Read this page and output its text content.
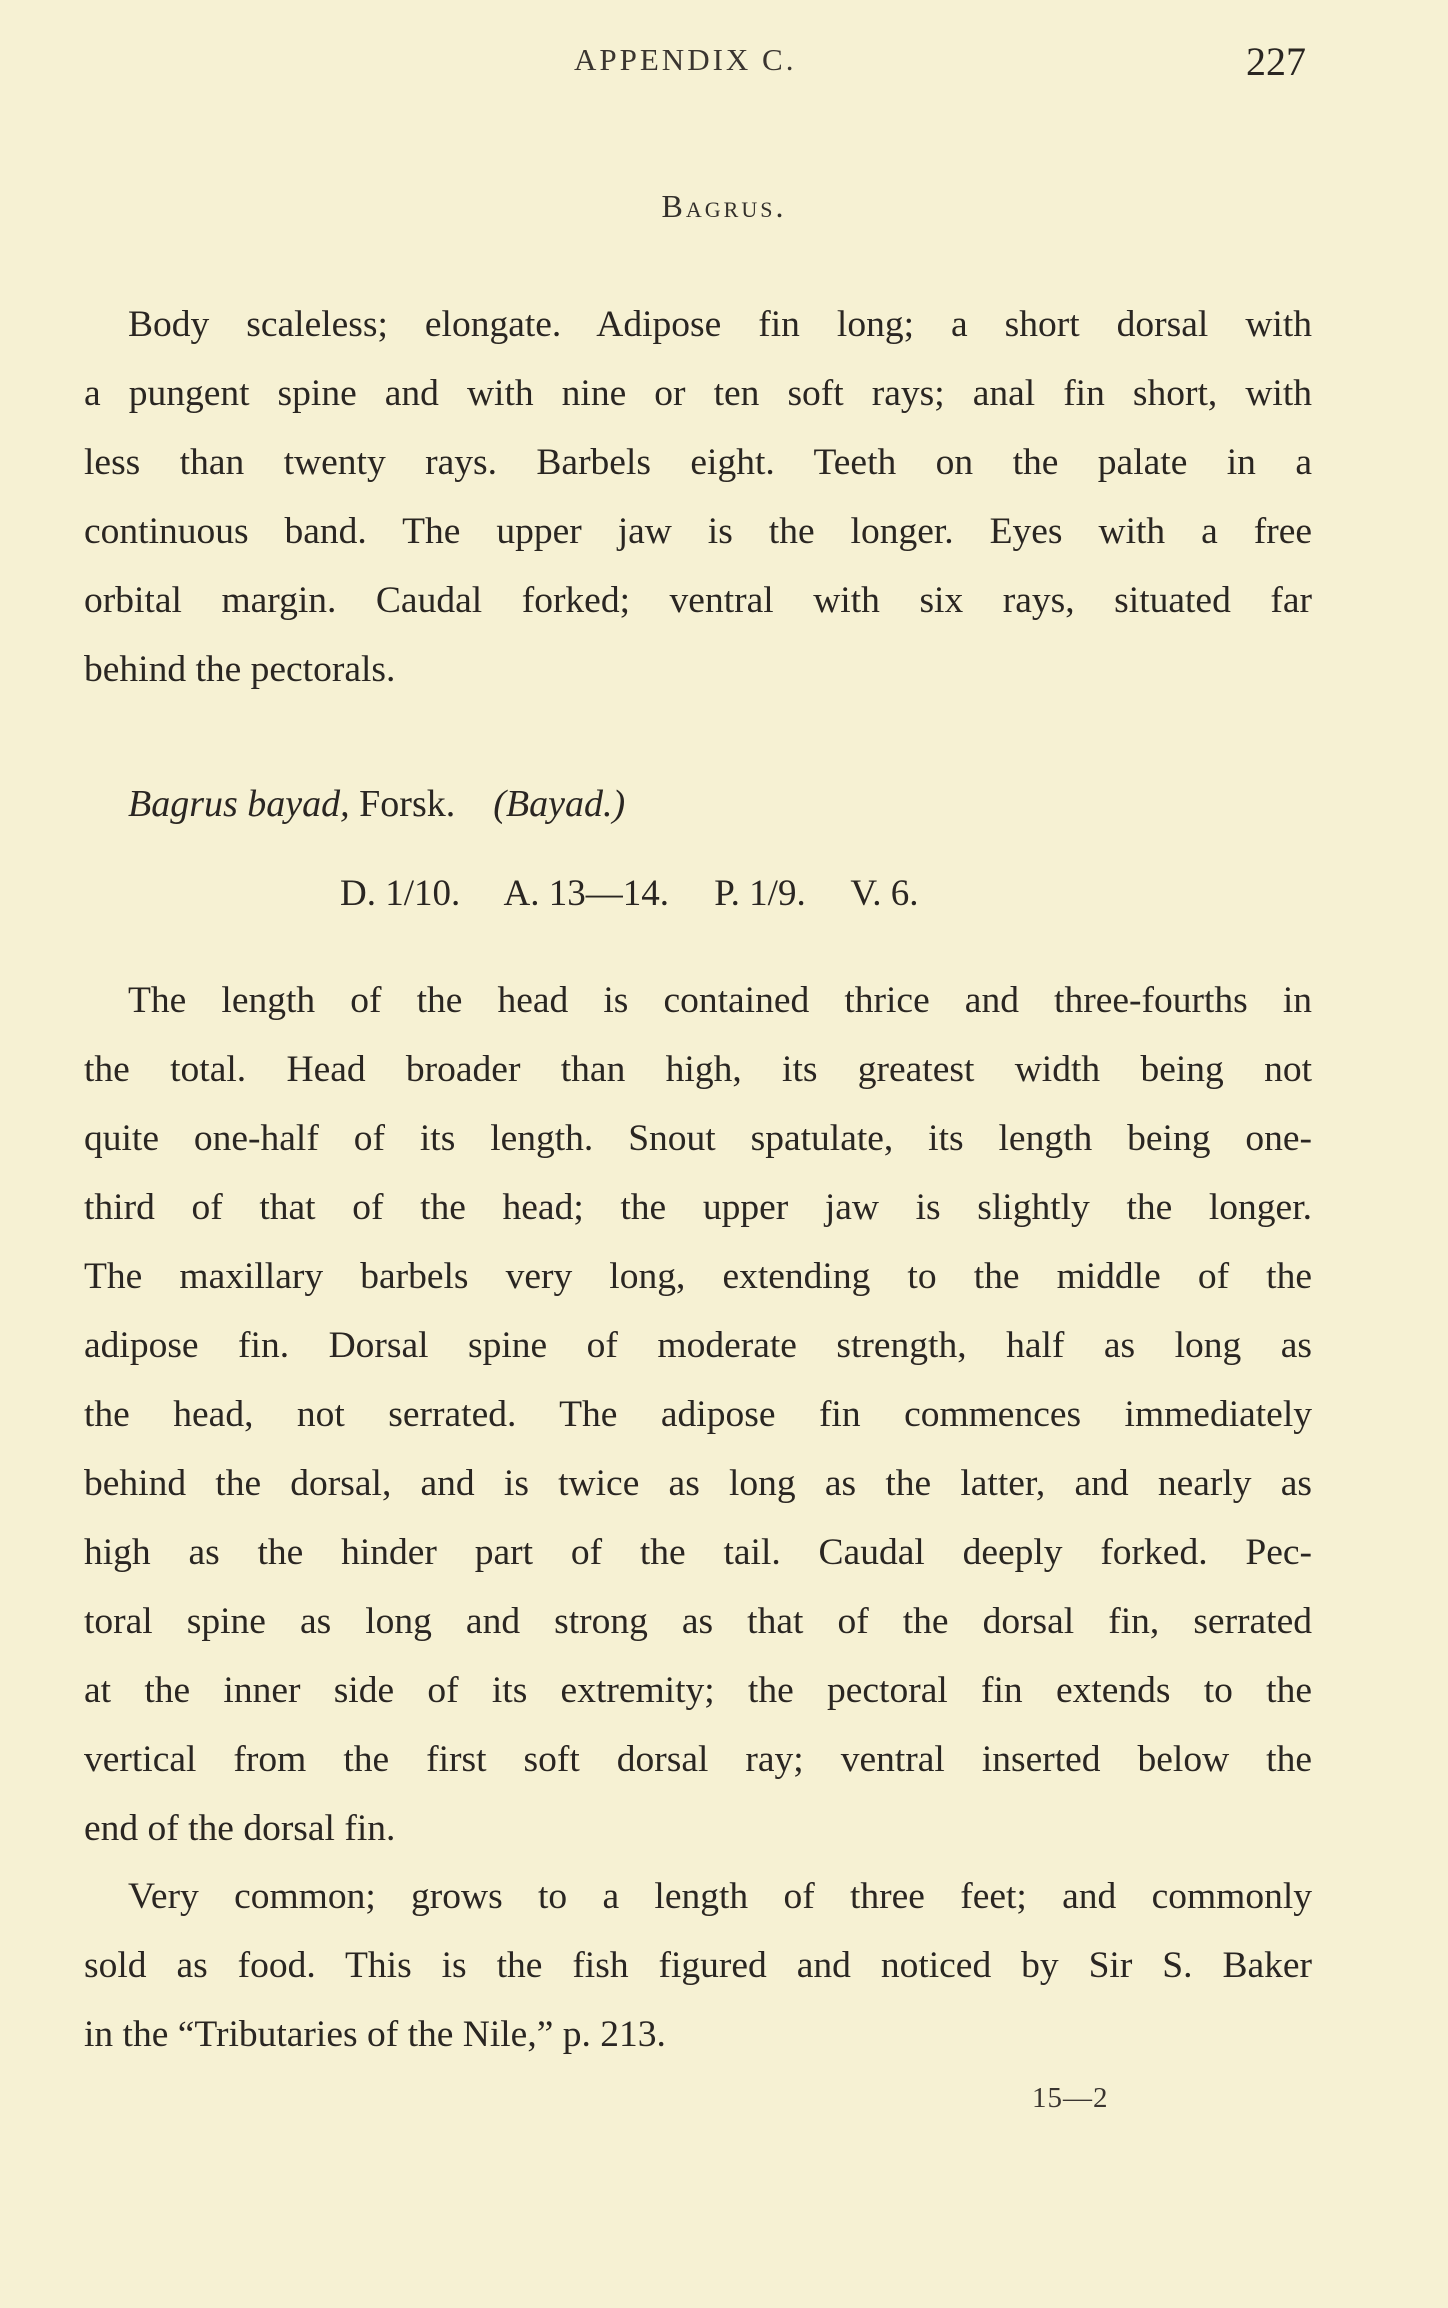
APPENDIX C.	227
Bagrus.
Body scaleless; elongate. Adipose fin long; a short dorsal with
a pungent spine and with nine or ten soft rays; anal fin short, with
less than twenty rays. Barbels eight. Teeth on the palate in a
continuous band. The upper jaw is the longer. Eyes with a free
orbital margin. Caudal forked; ventral with six rays, situated far
behind the pectorals.
Bagrus bayad, Forsk. (Bayad.)
D. 1/10. A. 13—14. P. 1/9. V. 6.
The length of the head is contained thrice and three-fourths in
the total. Head broader than high, its greatest width being not
quite one-half of its length. Snout spatulate, its length being one-
third of that of the head; the upper jaw is slightly the longer.
The maxillary barbels very long, extending to the middle of the
adipose fin. Dorsal spine of moderate strength, half as long as
the head, not serrated. The adipose fin commences immediately
behind the dorsal, and is twice as long as the latter, and nearly as
high as the hinder part of the tail. Caudal deeply forked. Pec-
toral spine as long and strong as that of the dorsal fin, serrated
at the inner side of its extremity; the pectoral fin extends to the
vertical from the first soft dorsal ray; ventral inserted below the
end of the dorsal fin.
Very common; grows to a length of three feet; and commonly
sold as food. This is the fish figured and noticed by Sir S. Baker
in the “Tributaries of the Nile,” p. 213.
15—2
